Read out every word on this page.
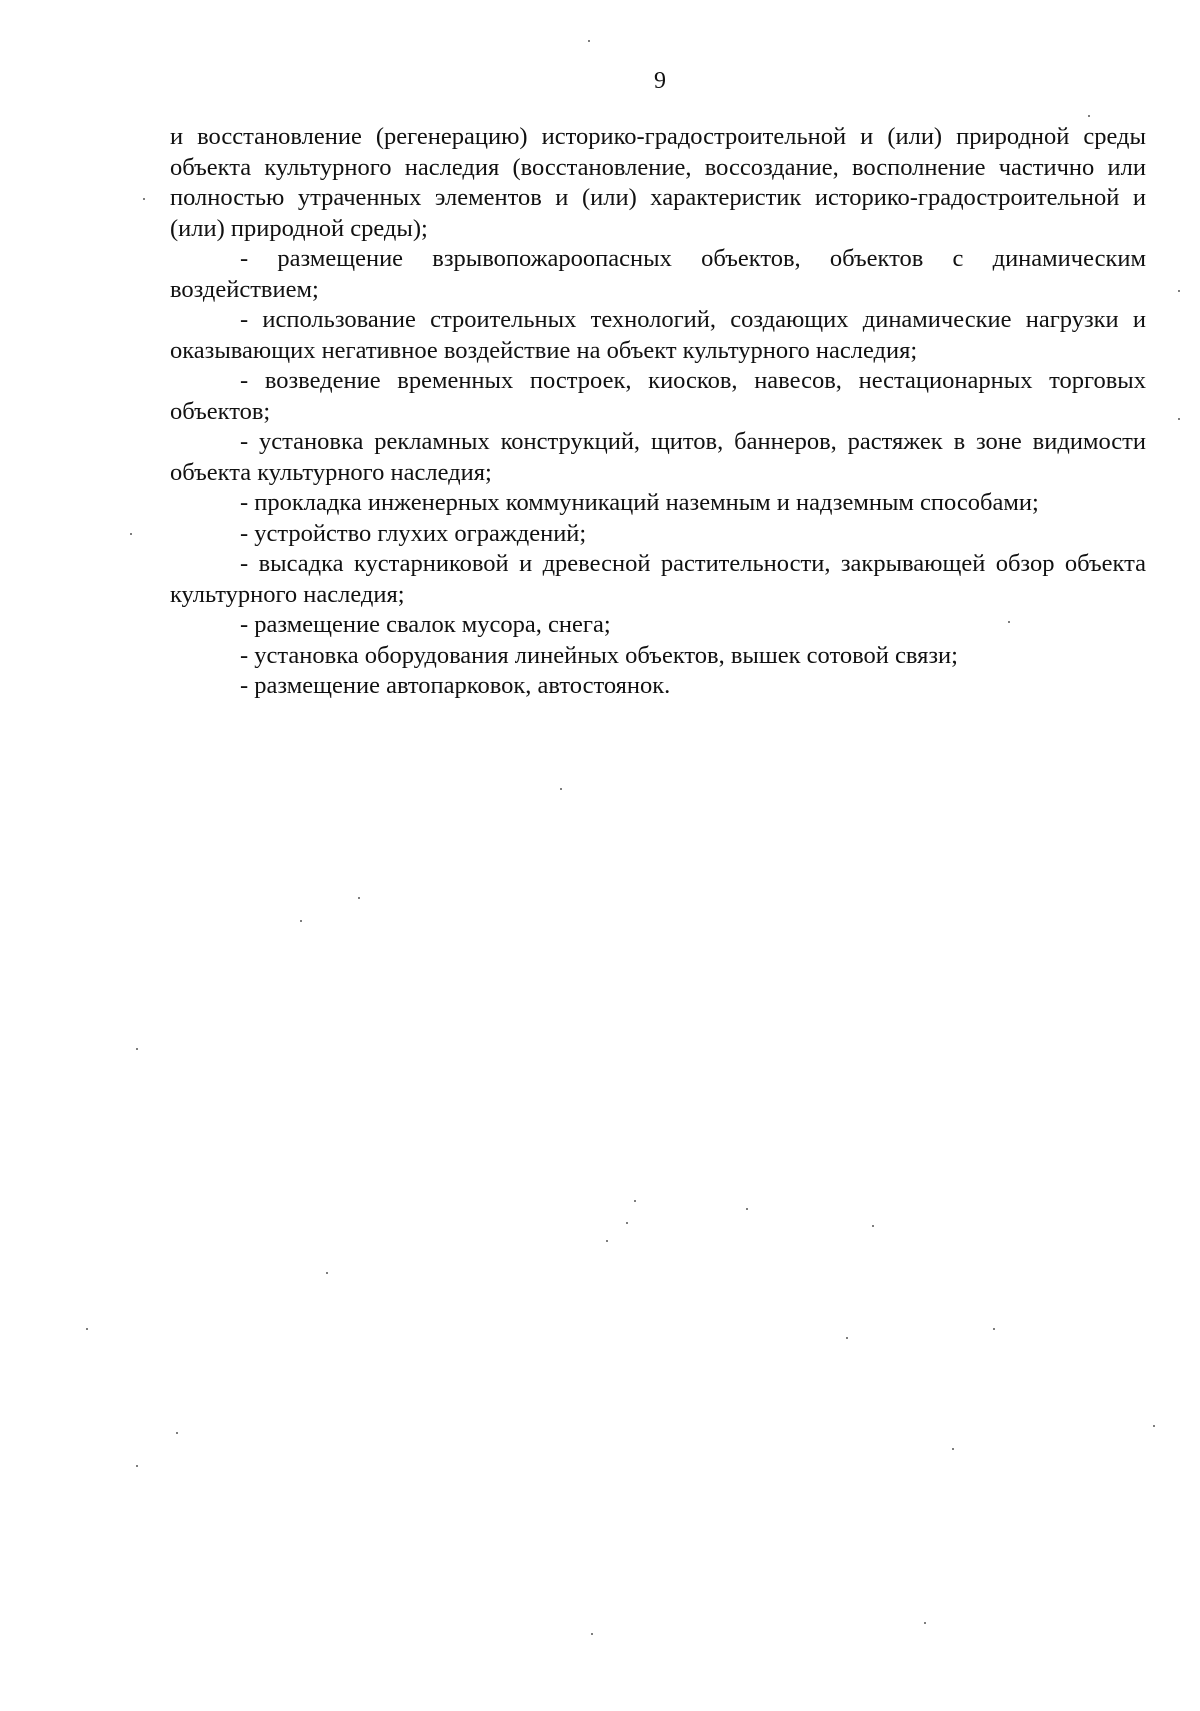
9

и восстановление (регенерацию) историко-градостроительной и (или) природной среды объекта культурного наследия (восстановление, воссоздание, восполнение частично или полностью утраченных элементов и (или) характеристик историко-градостроительной и (или) природной среды);

- размещение взрывопожароопасных объектов, объектов с динамическим воздействием;

- использование строительных технологий, создающих динамические нагрузки и оказывающих негативное воздействие на объект культурного наследия;

- возведение временных построек, киосков, навесов, нестационарных торговых объектов;

- установка рекламных конструкций, щитов, баннеров, растяжек в зоне видимости объекта культурного наследия;

- прокладка инженерных коммуникаций наземным и надземным способами;

- устройство глухих ограждений;

- высадка кустарниковой и древесной растительности, закрывающей обзор объекта культурного наследия;

- размещение свалок мусора, снега;

- установка оборудования линейных объектов, вышек сотовой связи;

- размещение автопарковок, автостоянок.
